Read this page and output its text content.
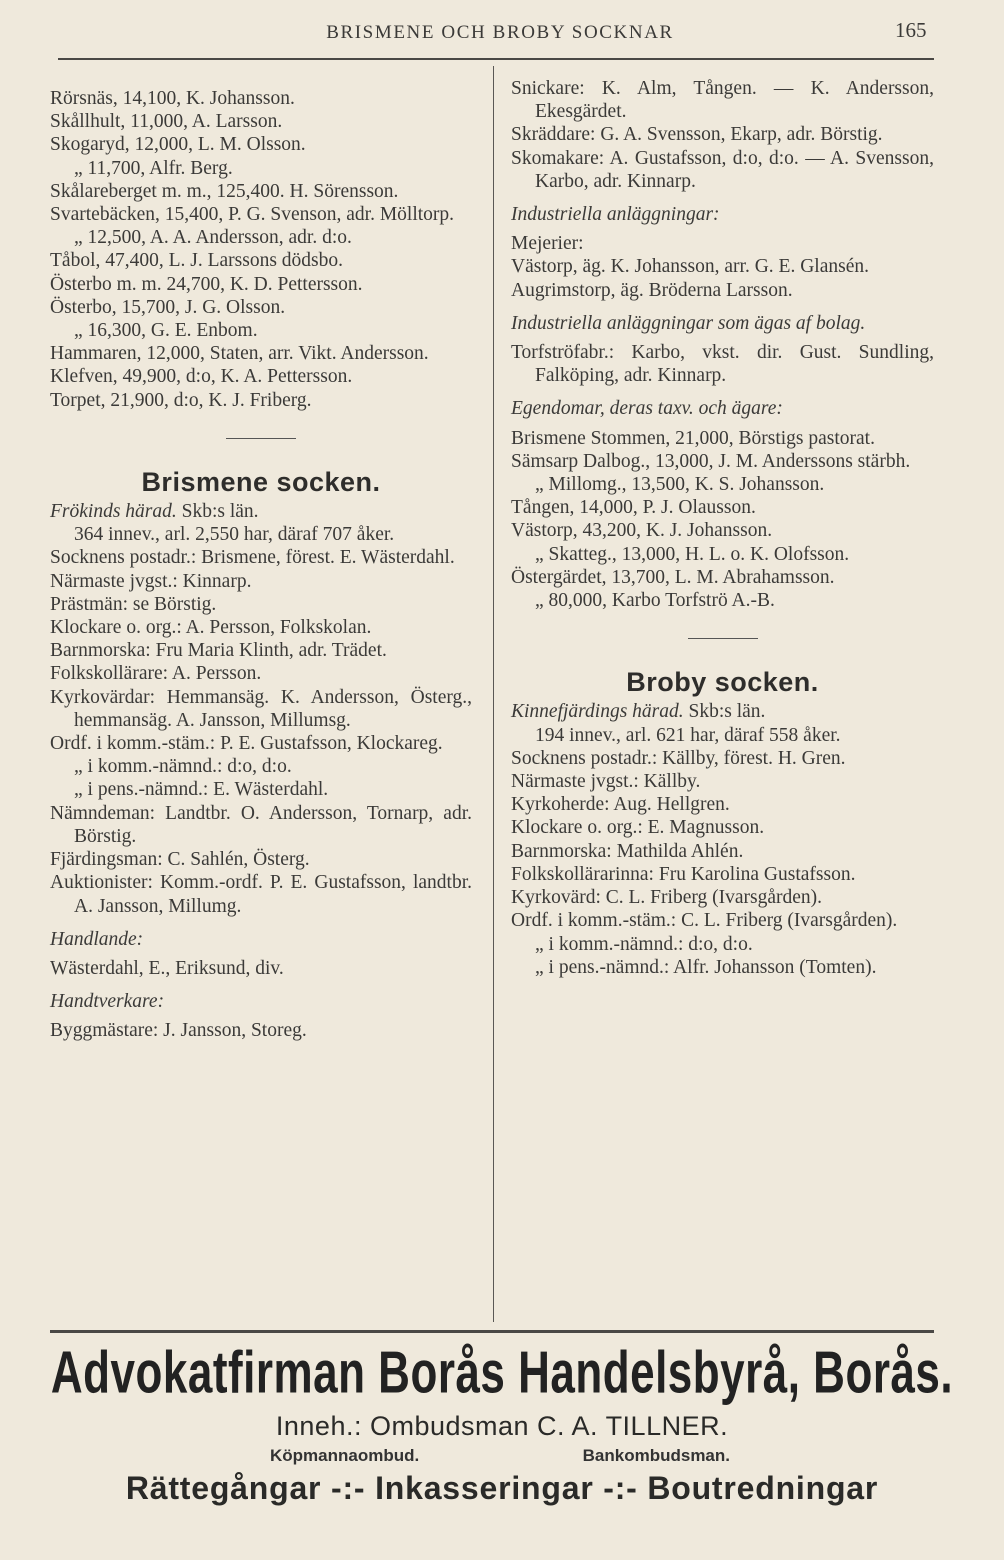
BRISMENE OCH BROBY SOCKNAR	165

Rörsnäs, 14,100, K. Johansson.

Skållhult, 11,000, A. Larsson.

Skogaryd, 12,000, L. M. Olsson.

„ 11,700, Alfr. Berg.

Skålareberget m. m., 125,400. H. Sörensson.

Svartebäcken, 15,400, P. G. Svenson, adr. Mölltorp.

„ 12,500, A. A. Andersson, adr. d:o.

Tåbol, 47,400, L. J. Larssons dödsbo.

Österbo m. m. 24,700, K. D. Pettersson.

Österbo, 15,700, J. G. Olsson.

„ 16,300, G. E. Enbom.

Hammaren, 12,000, Staten, arr. Vikt. Andersson.

Klefven, 49,900, d:o, K. A. Pettersson.

Torpet, 21,900, d:o, K. J. Friberg.

Brismene socken.

Frökinds härad. Skb:s län.

364 innev., arl. 2,550 har, däraf 707 åker.

Socknens postadr.: Brismene, förest. E. Wästerdahl.

Närmaste jvgst.: Kinnarp.

Prästmän: se Börstig.

Klockare o. org.: A. Persson, Folkskolan.

Barnmorska: Fru Maria Klinth, adr. Trädet.

Folkskollärare: A. Persson.

Kyrkovärdar: Hemmansäg. K. Andersson, Österg., hemmansäg. A. Jansson, Millumsg.

Ordf. i komm.-stäm.: P. E. Gustafsson, Klockareg.

„ i komm.-nämnd.: d:o, d:o.

„ i pens.-nämnd.: E. Wästerdahl.

Nämndeman: Landtbr. O. Andersson, Tornarp, adr. Börstig.

Fjärdingsman: C. Sahlén, Österg.

Auktionister: Komm.-ordf. P. E. Gustafsson, landtbr. A. Jansson, Millumg.

Handlande:

Wästerdahl, E., Eriksund, div.

Handtverkare:

Byggmästare: J. Jansson, Storeg.

Snickare: K. Alm, Tången. — K. Andersson, Ekesgärdet.

Skräddare: G. A. Svensson, Ekarp, adr. Börstig.

Skomakare: A. Gustafsson, d:o, d:o. — A. Svensson, Karbo, adr. Kinnarp.

Industriella anläggningar:

Mejerier:

Västorp, äg. K. Johansson, arr. G. E. Glansén.

Augrimstorp, äg. Bröderna Larsson.

Industriella anläggningar som ägas af bolag.

Torfströfabr.: Karbo, vkst. dir. Gust. Sundling, Falköping, adr. Kinnarp.

Egendomar, deras taxv. och ägare:

Brismene Stommen, 21,000, Börstigs pastorat.

Sämsarp Dalbog., 13,000, J. M. Anderssons stärbh.

„ Millomg., 13,500, K. S. Johansson.

Tången, 14,000, P. J. Olausson.

Västorp, 43,200, K. J. Johansson.

„ Skatteg., 13,000, H. L. o. K. Olofsson.

Östergärdet, 13,700, L. M. Abrahamsson.

„ 80,000, Karbo Torfströ A.-B.

Broby socken.

Kinnefjärdings härad. Skb:s län.

194 innev., arl. 621 har, däraf 558 åker.

Socknens postadr.: Källby, förest. H. Gren.

Närmaste jvgst.: Källby.

Kyrkoherde: Aug. Hellgren.

Klockare o. org.: E. Magnusson.

Barnmorska: Mathilda Ahlén.

Folkskollärarinna: Fru Karolina Gustafsson.

Kyrkovärd: C. L. Friberg (Ivarsgården).

Ordf. i komm.-stäm.: C. L. Friberg (Ivarsgården).

„ i komm.-nämnd.: d:o, d:o.

„ i pens.-nämnd.: Alfr. Johansson (Tomten).

Advokatfirman Borås Handelsbyrå, Borås.
Inneh.: Ombudsman C. A. TILLNER.
Köpmannaombud.	Bankombudsman.
Rättegångar -:- Inkasseringar -:- Boutredningar
